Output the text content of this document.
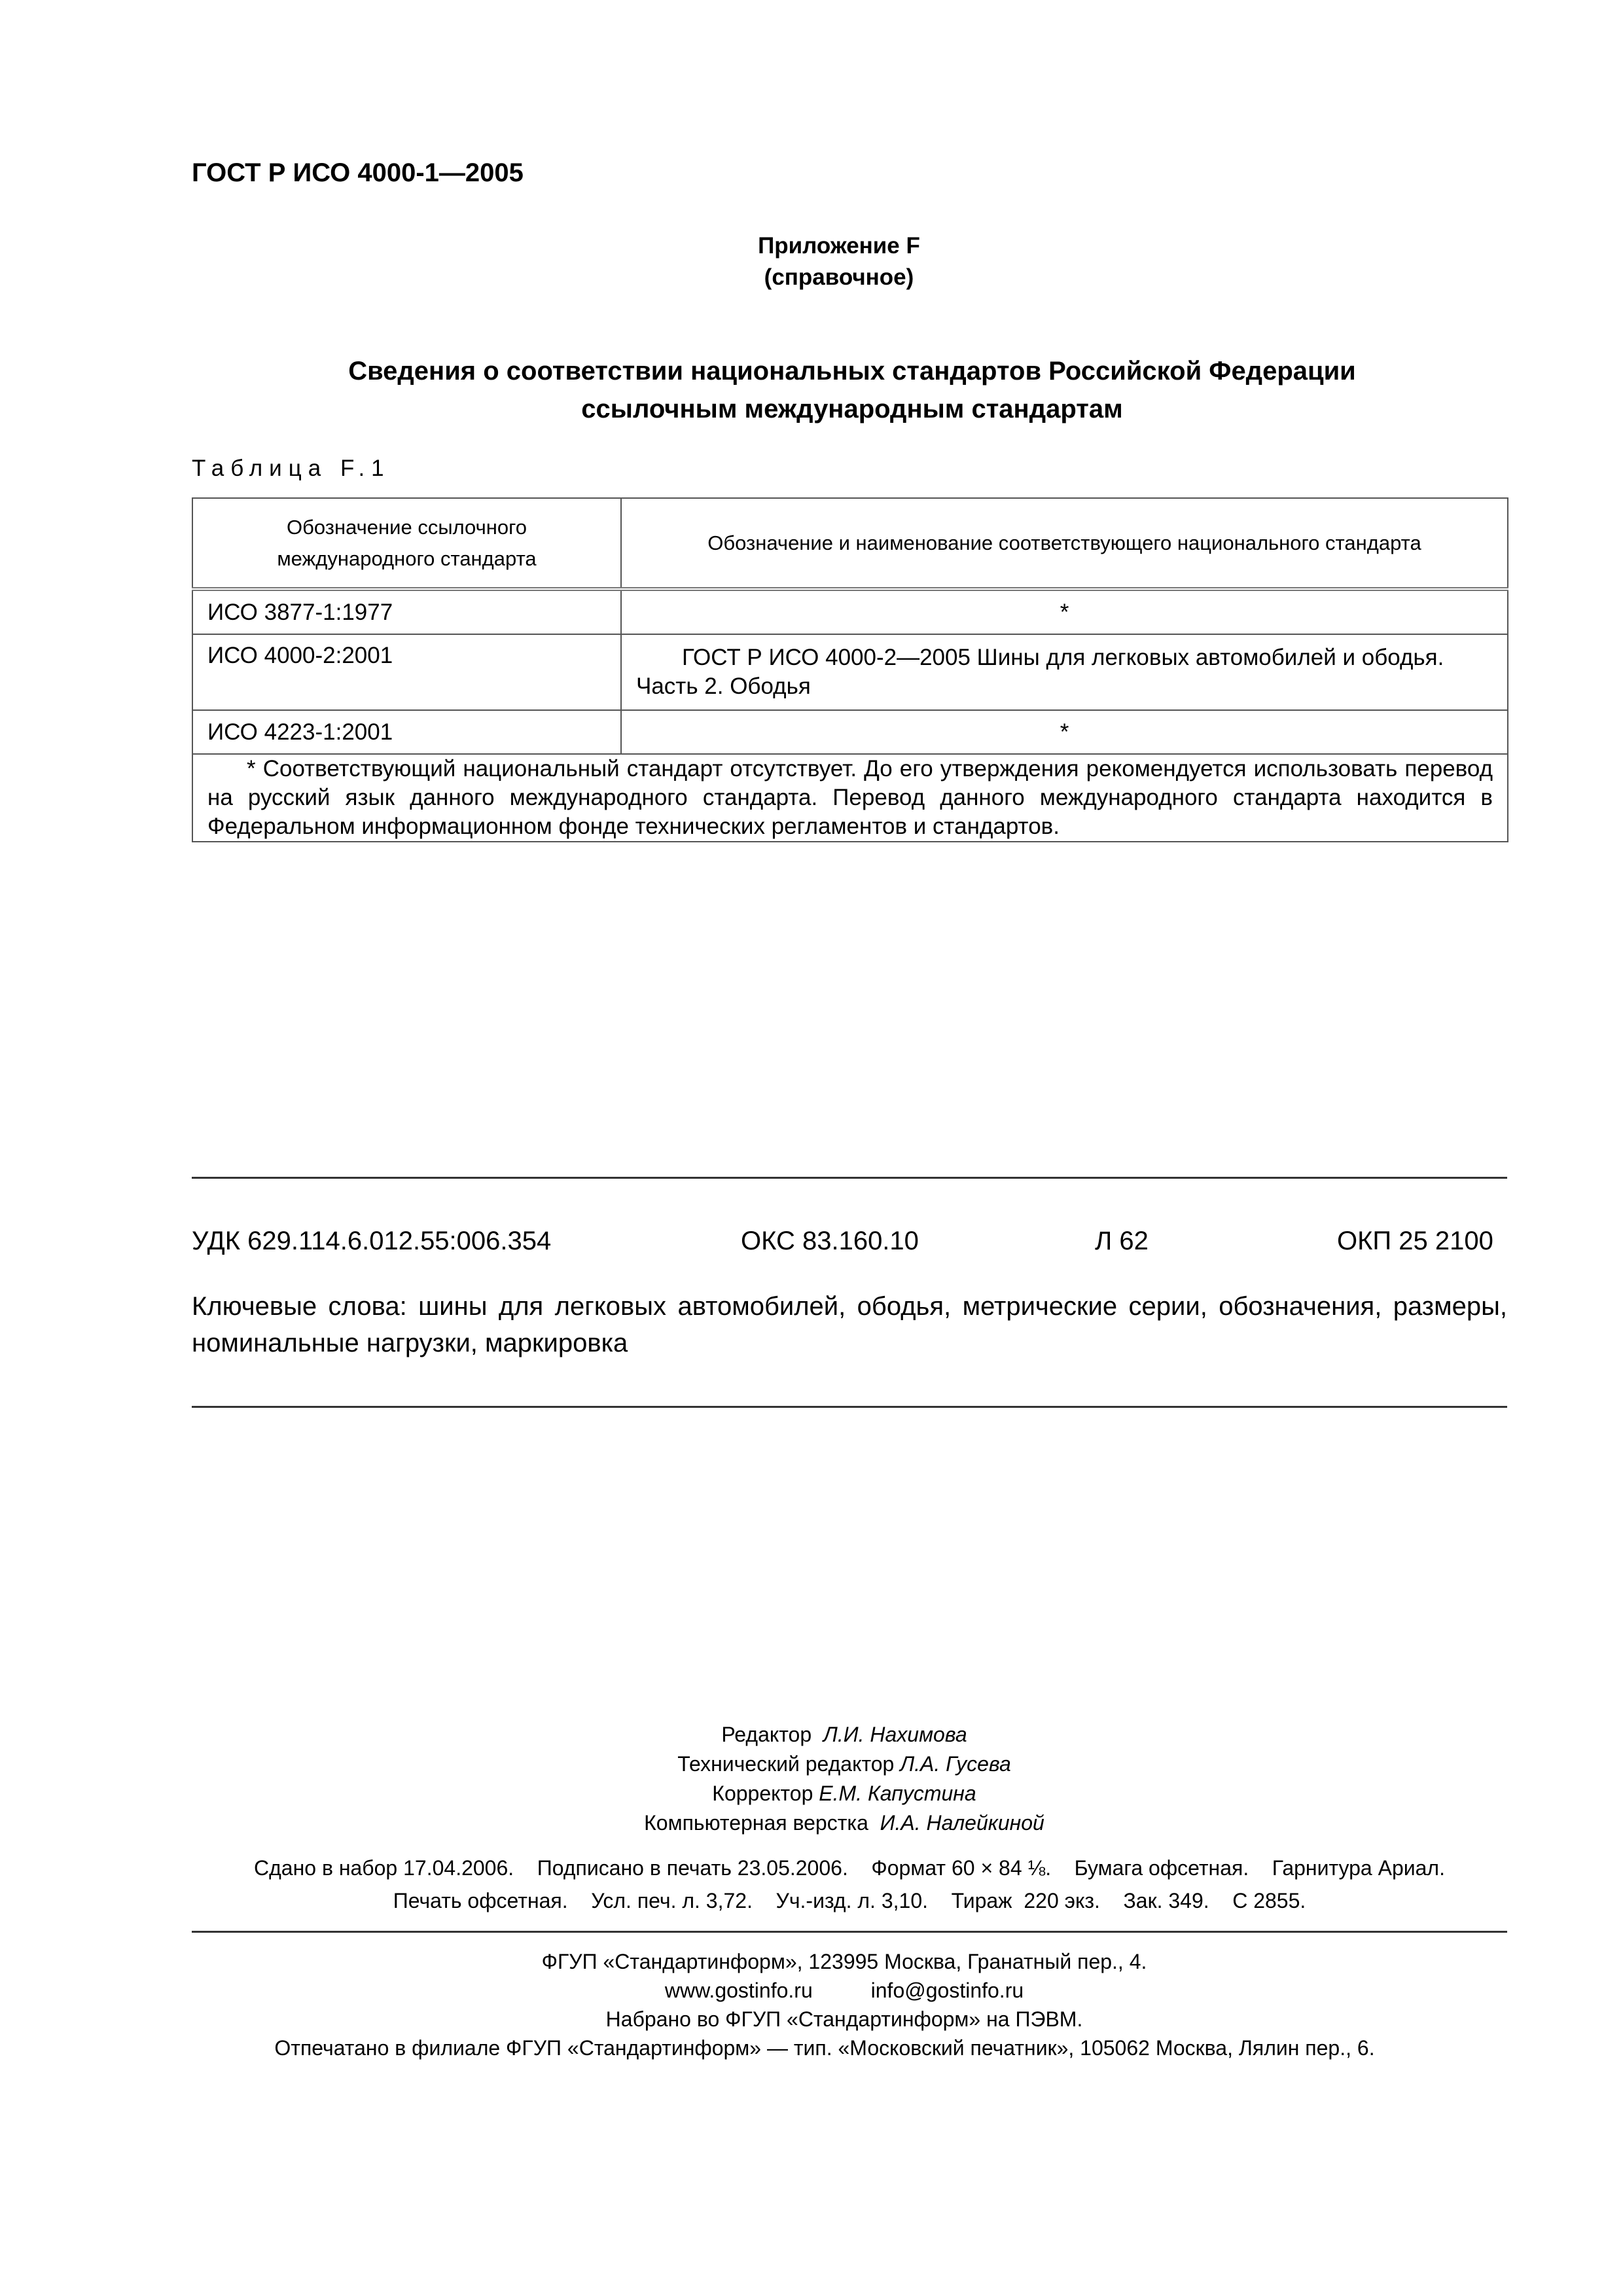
ГОСТ Р ИСО 4000-1—2005
Приложение F
(справочное)
Сведения о соответствии национальных стандартов Российской Федерации
ссылочным международным стандартам
Таблица F.1
Обозначение ссылочного
международного стандарта	Обозначение и наименование соответствующего национального стандарта
ИСО 3877-1:1977	*
ИСО 4000-2:2001	ГОСТ Р ИСО 4000-2—2005 Шины для легковых автомобилей и ободья.
Часть 2. Ободья

ИСО 4223-1:2001	*
* Соответствующий национальный стандарт отсутствует. До его утверждения рекомендуется использовать перевод на русский язык данного международного стандарта. Перевод данного международного стандарта находится в Федеральном информационном фонде технических регламентов и стандартов.	
УДК 629.114.6.012.55:006.354	ОКС 83.160.10	Л 62	ОКП 25 2100
Ключевые слова: шины для легковых автомобилей, ободья, метрические серии, обозначения, размеры, номинальные нагрузки, маркировка
Редактор Л.И. Нахимова
Технический редактор Л.А. Гусева
Корректор Е.М. Капустина
Компьютерная верстка И.А. Налейкиной
Сдано в набор 17.04.2006.    Подписано в печать 23.05.2006.    Формат 60 × 84 ⅛.    Бумага офсетная.    Гарнитура Ариал.
Печать офсетная.    Усл. печ. л. 3,72.    Уч.-изд. л. 3,10.    Тираж  220 экз.    Зак. 349.    С 2855.
ФГУП «Стандартинформ», 123995 Москва, Гранатный пер., 4.
www.gostinfo.ru          info@gostinfo.ru
Набрано во ФГУП «Стандартинформ» на ПЭВМ.
Отпечатано в филиале ФГУП «Стандартинформ» — тип. «Московский печатник», 105062 Москва, Лялин пер., 6.
